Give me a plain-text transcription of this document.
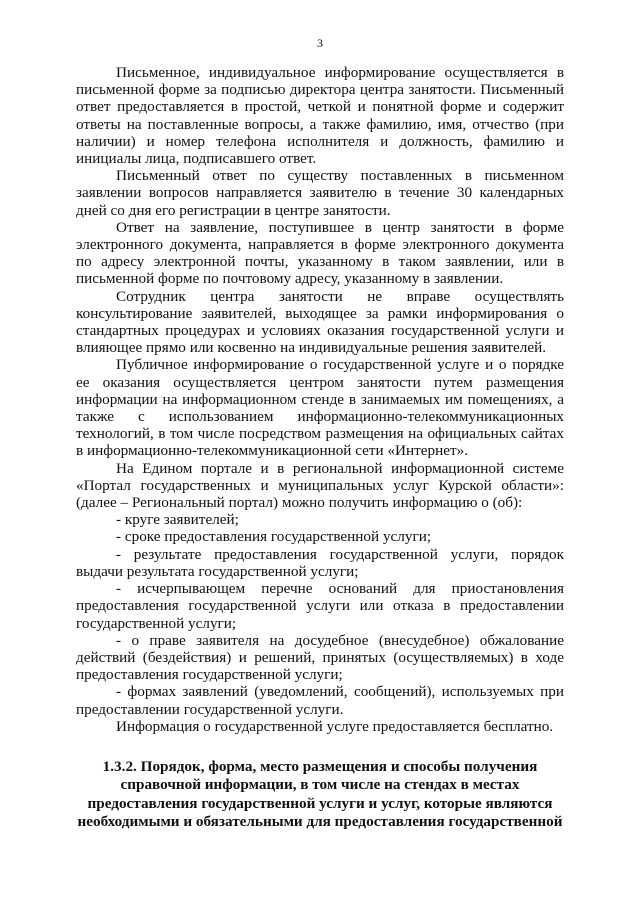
3

Письменное, индивидуальное информирование осуществляется в письменной форме за подписью директора центра занятости. Письменный ответ предоставляется в простой, четкой и понятной форме и содержит ответы на поставленные вопросы, а также фамилию, имя, отчество (при наличии) и номер телефона исполнителя и должность, фамилию и инициалы лица, подписавшего ответ.

Письменный ответ по существу поставленных в письменном заявлении вопросов направляется заявителю в течение 30 календарных дней со дня его регистрации в центре занятости.

Ответ на заявление, поступившее в центр занятости в форме электронного документа, направляется в форме электронного документа по адресу электронной почты, указанному в таком заявлении, или в письменной форме по почтовому адресу, указанному в заявлении.

Сотрудник центра занятости не вправе осуществлять консультирование заявителей, выходящее за рамки информирования о стандартных процедурах и условиях оказания государственной услуги и влияющее прямо или косвенно на индивидуальные решения заявителей.

Публичное информирование о государственной услуге и о порядке ее оказания осуществляется центром занятости путем размещения информации на информационном стенде в занимаемых им помещениях, а также с использованием информационно-телекоммуникационных технологий, в том числе посредством размещения на официальных сайтах в информационно-телекоммуникационной сети «Интернет».

На Едином портале и в региональной информационной системе «Портал государственных и муниципальных услуг Курской области»: (далее – Региональный портал) можно получить информацию о (об):

- круге заявителей;

- сроке предоставления государственной услуги;

- результате предоставления государственной услуги, порядок выдачи результата государственной услуги;

- исчерпывающем перечне оснований для приостановления предоставления государственной услуги или отказа в предоставлении государственной услуги;

- о праве заявителя на досудебное (внесудебное) обжалование действий (бездействия) и решений, принятых (осуществляемых) в ходе предоставления государственной услуги;

- формах заявлений (уведомлений, сообщений), используемых при предоставлении государственной услуги.

Информация о государственной услуге предоставляется бесплатно.

1.3.2. Порядок, форма, место размещения и способы получения справочной информации, в том числе на стендах в местах предоставления государственной услуги и услуг, которые являются необходимыми и обязательными для предоставления государственной
